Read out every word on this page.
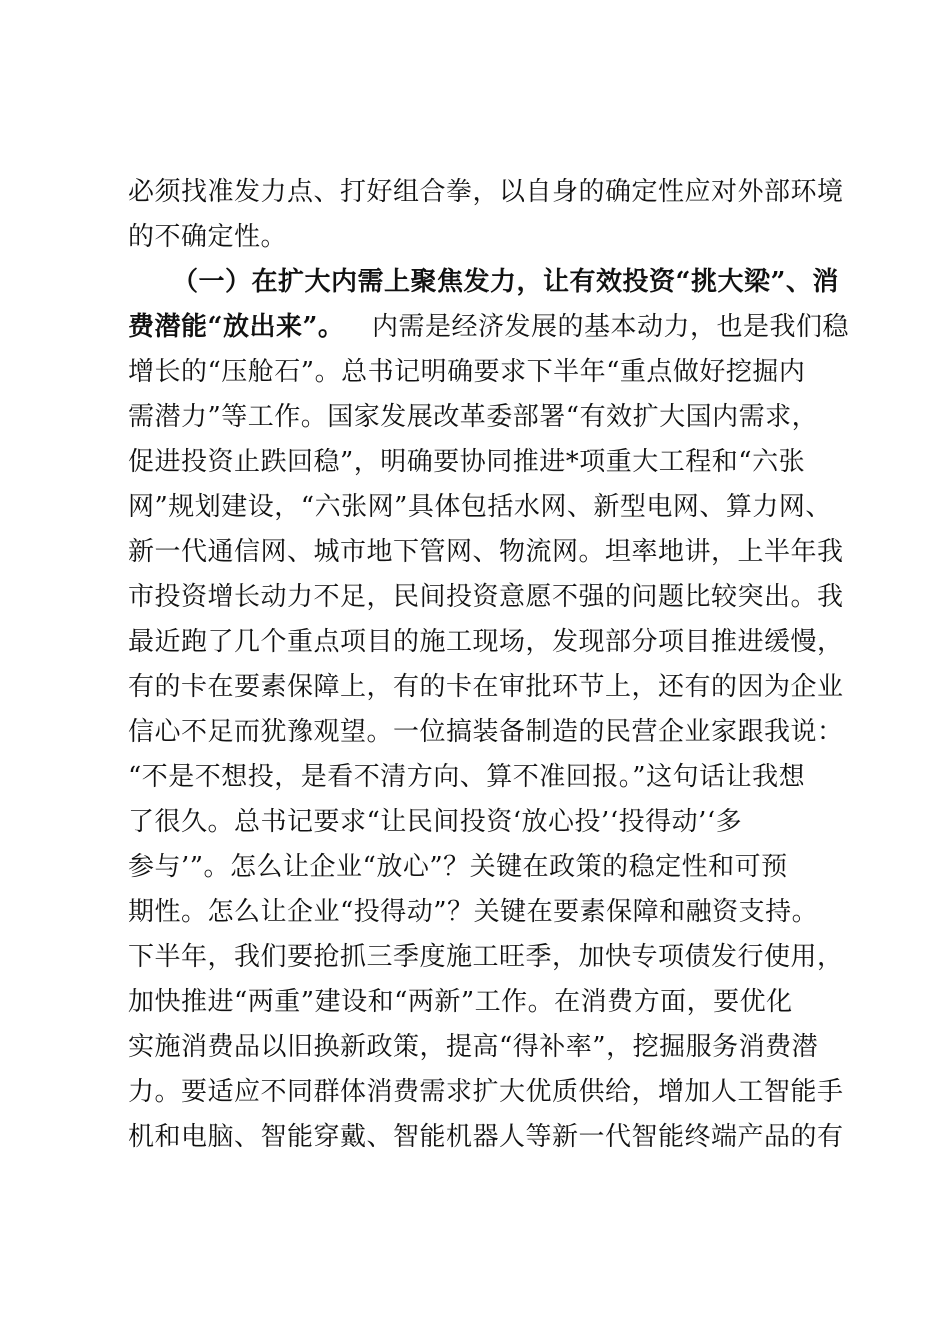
必须找准发力点、打好组合拳，以自身的确定性应对外部环境
的不确定性。
（一）在扩大内需上聚焦发力，让有效投资“挑大梁”、消
费潜能“放出来”。 内需是经济发展的基本动力，也是我们稳
增长的“压舱石”。总书记明确要求下半年“重点做好挖掘内
需潜力”等工作。国家发展改革委部署“有效扩大国内需求，
促进投资止跌回稳”，明确要协同推进*项重大工程和“六张
网”规划建设，“六张网”具体包括水网、新型电网、算力网、
新一代通信网、城市地下管网、物流网。坦率地讲，上半年我
市投资增长动力不足，民间投资意愿不强的问题比较突出。我
最近跑了几个重点项目的施工现场，发现部分项目推进缓慢，
有的卡在要素保障上，有的卡在审批环节上，还有的因为企业
信心不足而犹豫观望。一位搞装备制造的民营企业家跟我说：
“不是不想投，是看不清方向、算不准回报。”这句话让我想
了很久。总书记要求“让民间投资‘放心投’‘投得动’‘多
参与’”。怎么让企业“放心”？关键在政策的稳定性和可预
期性。怎么让企业“投得动”？关键在要素保障和融资支持。
下半年，我们要抢抓三季度施工旺季，加快专项债发行使用，
加快推进“两重”建设和“两新”工作。在消费方面，要优化
实施消费品以旧换新政策，提高“得补率”，挖掘服务消费潜
力。要适应不同群体消费需求扩大优质供给，增加人工智能手
机和电脑、智能穿戴、智能机器人等新一代智能终端产品的有
